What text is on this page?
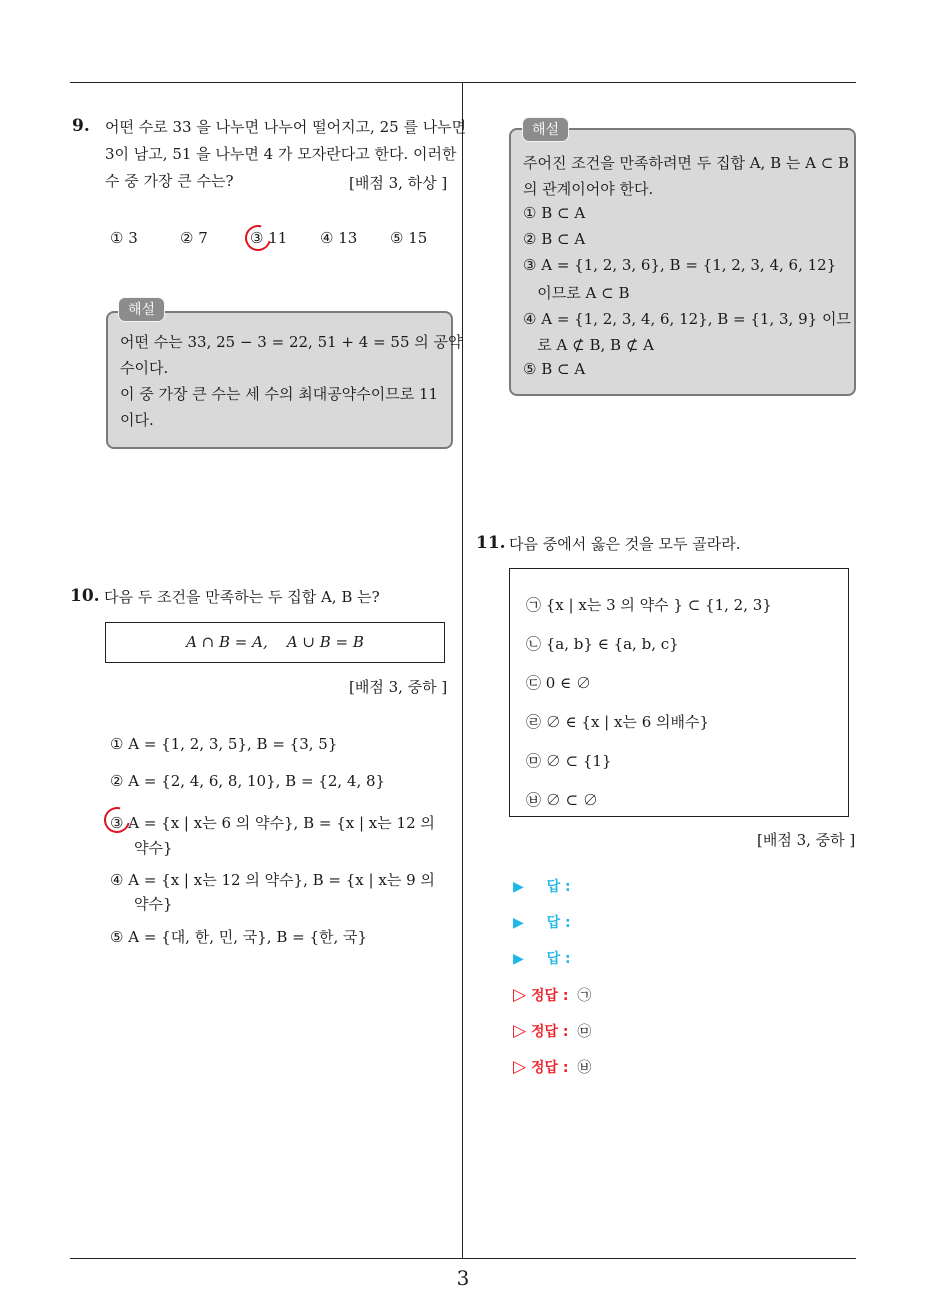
3
9. 어떤 수로 33 을 나누면 나누어 떨어지고, 25 를 나누면
3이 남고, 51 을 나누면 4 가 모자란다고 한다. 이러한
수 중 가장 큰 수는?	[배점 3, 하상 ]
① 3	② 7	③ 11 ④ 13 ⑤ 15
어떤 수는 33, 25 − 3 = 22, 51 + 4 = 55 의 공약
수이다.
이 중 가장 큰 수는 세 수의 최대공약수이므로 11
이다.
해설
10. 다음 두 조건을 만족하는 두 집합 A, B 는?
A ∩ B = A,    A ∪ B = B
[배점 3, 중하 ]
① A = {1, 2, 3, 5}, B = {3, 5}
② A = {2, 4, 6, 8, 10}, B = {2, 4, 8}
③ A = {x | x는 6 의 약수}, B = {x | x는 12 의
약수}
④ A = {x | x는 12 의 약수}, B = {x | x는 9 의
약수}
⑤ A = {대, 한, 민, 국}, B = {한, 국}
주어진 조건을 만족하려면 두 집합 A, B 는 A ⊂ B
의 관계이어야 한다.
① B ⊂ A
② B ⊂ A
③ A = {1, 2, 3, 6}, B = {1, 2, 3, 4, 6, 12}
이므로 A ⊂ B
④ A = {1, 2, 3, 4, 6, 12}, B = {1, 3, 9} 이므
로 A ⊄ B, B ⊄ A
⑤ B ⊂ A
해설
11. 다음 중에서 옳은 것을 모두 골라라.
㉠ {x | x는 3 의 약수 } ⊂ {1, 2, 3}
㉡ {a, b} ∈ {a, b, c}
㉢ 0 ∈ ∅
㉣ ∅ ∈ {x | x는 6 의배수}
㉤ ∅ ⊂ {1}
㉥ ∅ ⊂ ∅
[배점 3, 중하 ]
▶ 답 :
▶ 답 :
▶ 답 :
▷ 정답 : ㉠
▷ 정답 : ㉤
▷ 정답 : ㉥
